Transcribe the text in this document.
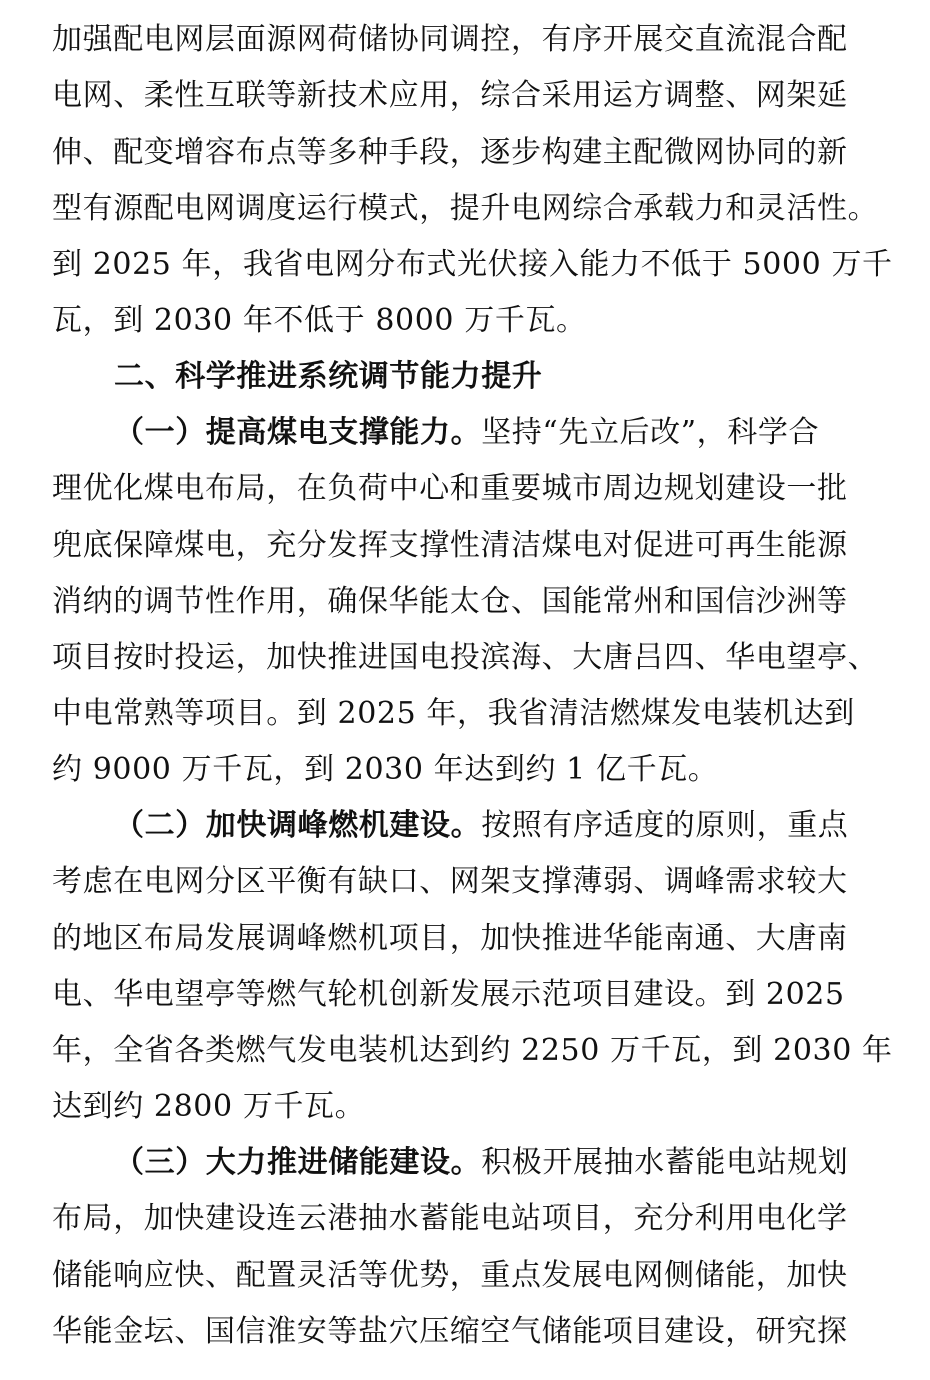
加强配电网层面源网荷储协同调控，有序开展交直流混合配
电网、柔性互联等新技术应用，综合采用运方调整、网架延
伸、配变增容布点等多种手段，逐步构建主配微网协同的新
型有源配电网调度运行模式，提升电网综合承载力和灵活性。
到 2025 年，我省电网分布式光伏接入能力不低于 5000 万千
瓦，到 2030 年不低于 8000 万千瓦。
二、科学推进系统调节能力提升
（一）提高煤电支撑能力。坚持“先立后改”，科学合
理优化煤电布局，在负荷中心和重要城市周边规划建设一批
兜底保障煤电，充分发挥支撑性清洁煤电对促进可再生能源
消纳的调节性作用，确保华能太仓、国能常州和国信沙洲等
项目按时投运，加快推进国电投滨海、大唐吕四、华电望亭、
中电常熟等项目。到 2025 年，我省清洁燃煤发电装机达到
约 9000 万千瓦，到 2030 年达到约 1 亿千瓦。
（二）加快调峰燃机建设。按照有序适度的原则，重点
考虑在电网分区平衡有缺口、网架支撑薄弱、调峰需求较大
的地区布局发展调峰燃机项目，加快推进华能南通、大唐南
电、华电望亭等燃气轮机创新发展示范项目建设。到 2025
年，全省各类燃气发电装机达到约 2250 万千瓦，到 2030 年
达到约 2800 万千瓦。
（三）大力推进储能建设。积极开展抽水蓄能电站规划
布局，加快建设连云港抽水蓄能电站项目，充分利用电化学
储能响应快、配置灵活等优势，重点发展电网侧储能，加快
华能金坛、国信淮安等盐穴压缩空气储能项目建设，研究探
